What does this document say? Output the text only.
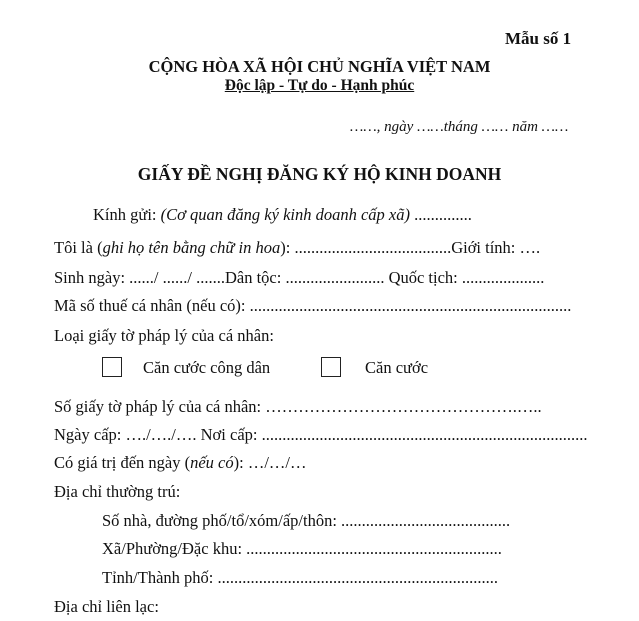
Mẫu số 1
CỘNG HÒA XÃ HỘI CHỦ NGHĨA VIỆT NAM
Độc lập - Tự do - Hạnh phúc
……, ngày ……tháng …… năm ……
GIẤY ĐỀ NGHỊ ĐĂNG KÝ HỘ KINH DOANH
Kính gửi: (Cơ quan đăng ký kinh doanh cấp xã) ..............
Tôi là (ghi họ tên bằng chữ in hoa): ......................................Giới tính: ….
Sinh ngày: ....../ ....../ .......Dân tộc: ........................ Quốc tịch: ....................
Mã số thuế cá nhân (nếu có): ..............................................................................
Loại giấy tờ pháp lý của cá nhân:
Căn cước công dân	Căn cước
Số giấy tờ pháp lý của cá nhân: ……………………………………….…..
Ngày cấp: …./…./…. Nơi cấp: ...............................................................................
Có giá trị đến ngày (nếu có): …/…/…
Địa chỉ thường trú:
Số nhà, đường phố/tổ/xóm/ấp/thôn: .........................................
Xã/Phường/Đặc khu: ..............................................................
Tỉnh/Thành phố: ....................................................................
Địa chỉ liên lạc:
